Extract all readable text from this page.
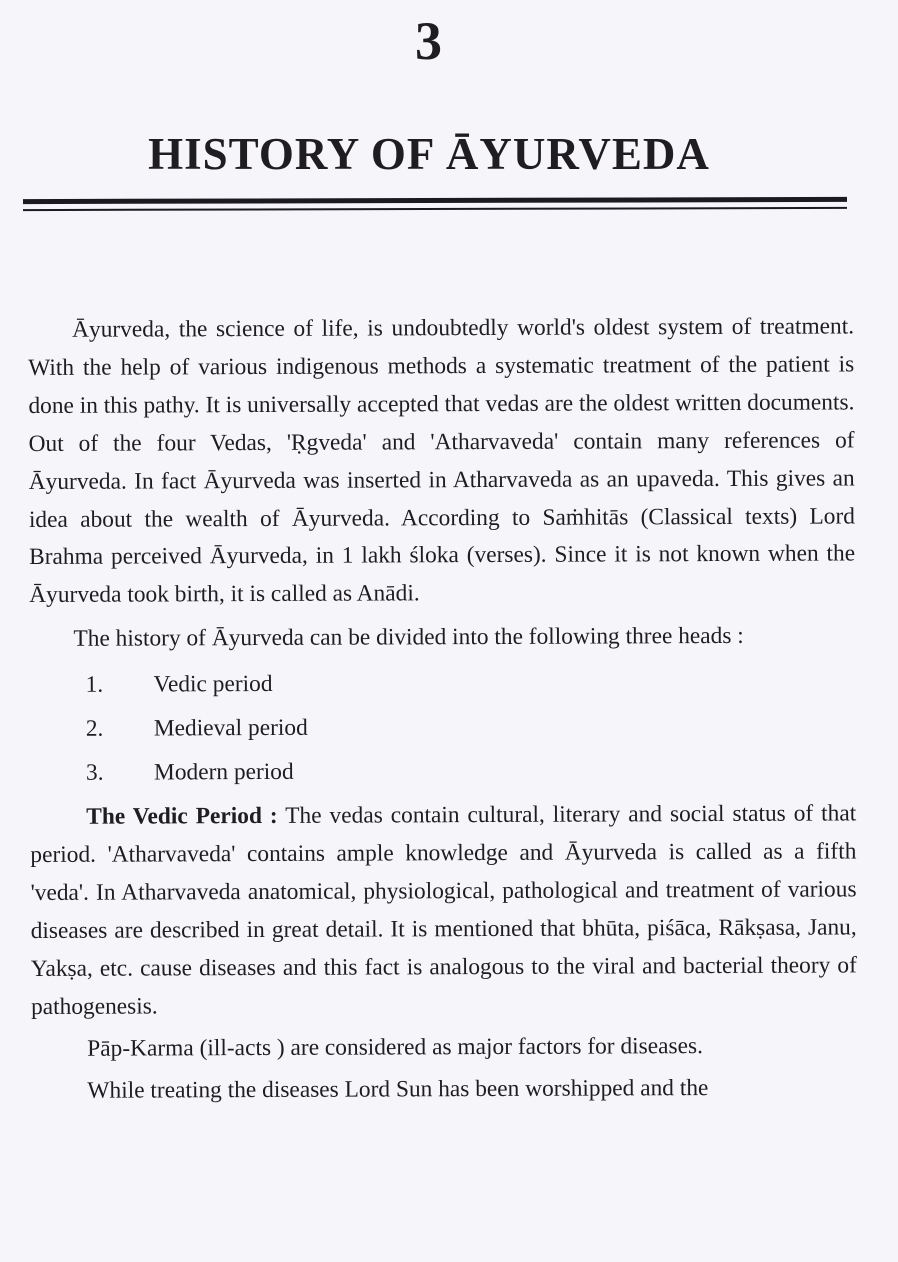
3
HISTORY OF ĀYURVEDA

Āyurveda, the science of life, is undoubtedly world's oldest system of treatment. With the help of various indigenous methods a systematic treatment of the patient is done in this pathy. It is universally accepted that vedas are the oldest written documents. Out of the four Vedas, 'Ṛgveda' and 'Atharvaveda' contain many references of Āyurveda. In fact Āyurveda was inserted in Atharvaveda as an upaveda. This gives an idea about the wealth of Āyurveda. According to Saṁhitās (Classical texts) Lord Brahma perceived Āyurveda, in 1 lakh śloka (verses). Since it is not known when the Āyurveda took birth, it is called as Anādi.

The history of Āyurveda can be divided into the following three heads :

1.	Vedic period
2.	Medieval period
3.	Modern period

The Vedic Period : The vedas contain cultural, literary and social status of that period. 'Atharvaveda' contains ample knowledge and Āyurveda is called as a fifth 'veda'. In Atharvaveda anatomical, physiological, pathological and treatment of various diseases are described in great detail. It is mentioned that bhūta, piśāca, Rākṣasa, Janu, Yakṣa, etc. cause diseases and this fact is analogous to the viral and bacterial theory of pathogenesis.

Pāp-Karma (ill-acts ) are considered as major factors for diseases.

While treating the diseases Lord Sun has been worshipped and the
